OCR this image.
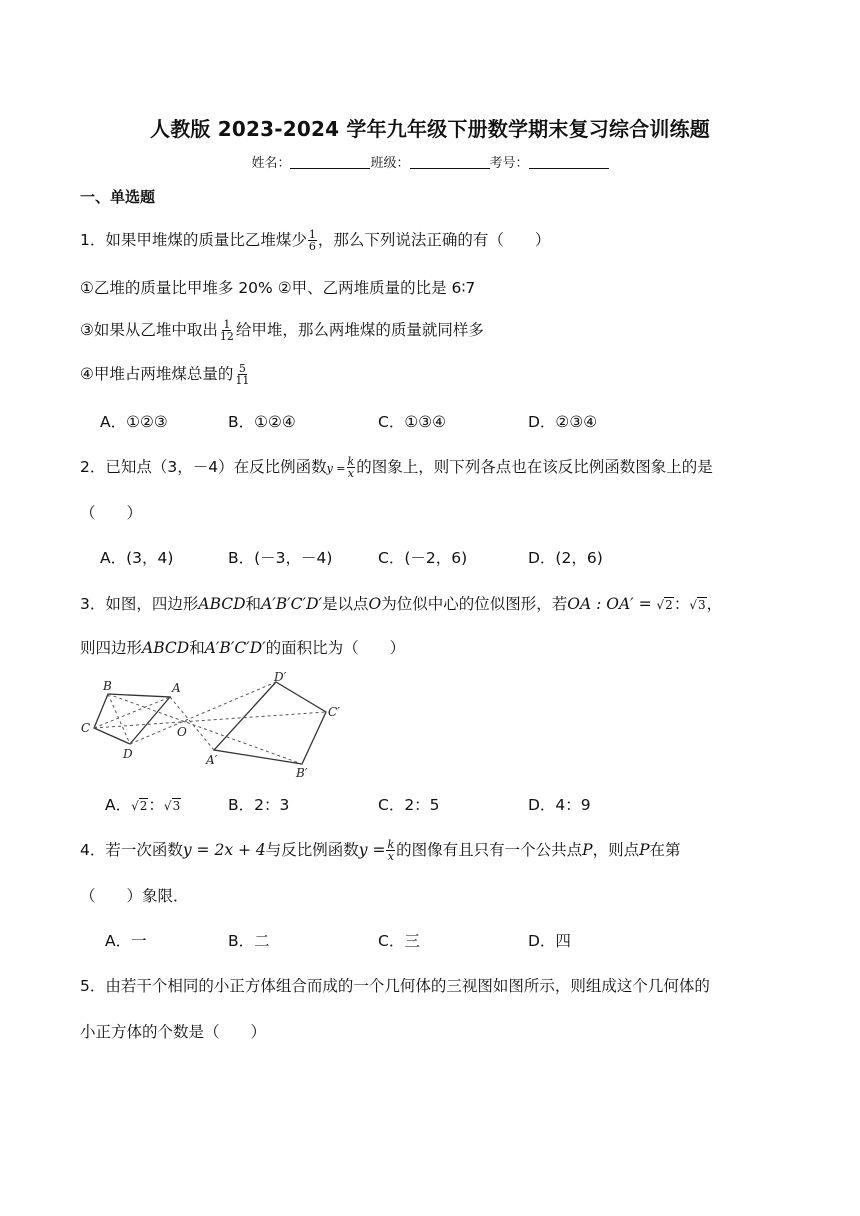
人教版 2023-2024 学年九年级下册数学期末复习综合训练题
姓名：	班级：	考号：
一、单选题
1．如果甲堆煤的质量比乙堆煤少 $\frac{1}{6}$ ，那么下列说法正确的有（　　）
①乙堆的质量比甲堆多 20% ②甲、乙两堆质量的比是 6∶7
③如果从乙堆中取出 $\frac{1}{12}$ 给甲堆，那么两堆煤的质量就同样多
④甲堆占两堆煤总量的 $\frac{5}{11}$
A．①②③	B．①②④	C．①③④	D．②③④
2．已知点（3，－4）在反比例函数$y = \frac{k}{x}$ 的图象上，则下列各点也在该反比例函数图象上的是
（　　）
A．(3，4)	B．(－3，－4)	C．(－2，6)	D．(2，6)
3．如图，四边形ABCD和A′B′C′D′是以点O为位似中心的位似图形，若OA : OA′ = √2：√3，
则四边形ABCD和A′B′C′D′的面积比为（　　）
B	A
C
D
O
D′
C′
B′
A′
A．√2：√3	B．2：3	C．2：5	D．4：9
4．若一次函数y = 2x + 4与反比例函数$y = \frac{k}{x}$ 的图像有且只有一个公共点P，则点P在第
（　　）象限．
A．一	B．二	C．三	D．四
5．由若干个相同的小正方体组合而成的一个几何体的三视图如图所示，则组成这个几何体的
小正方体的个数是（　　）
